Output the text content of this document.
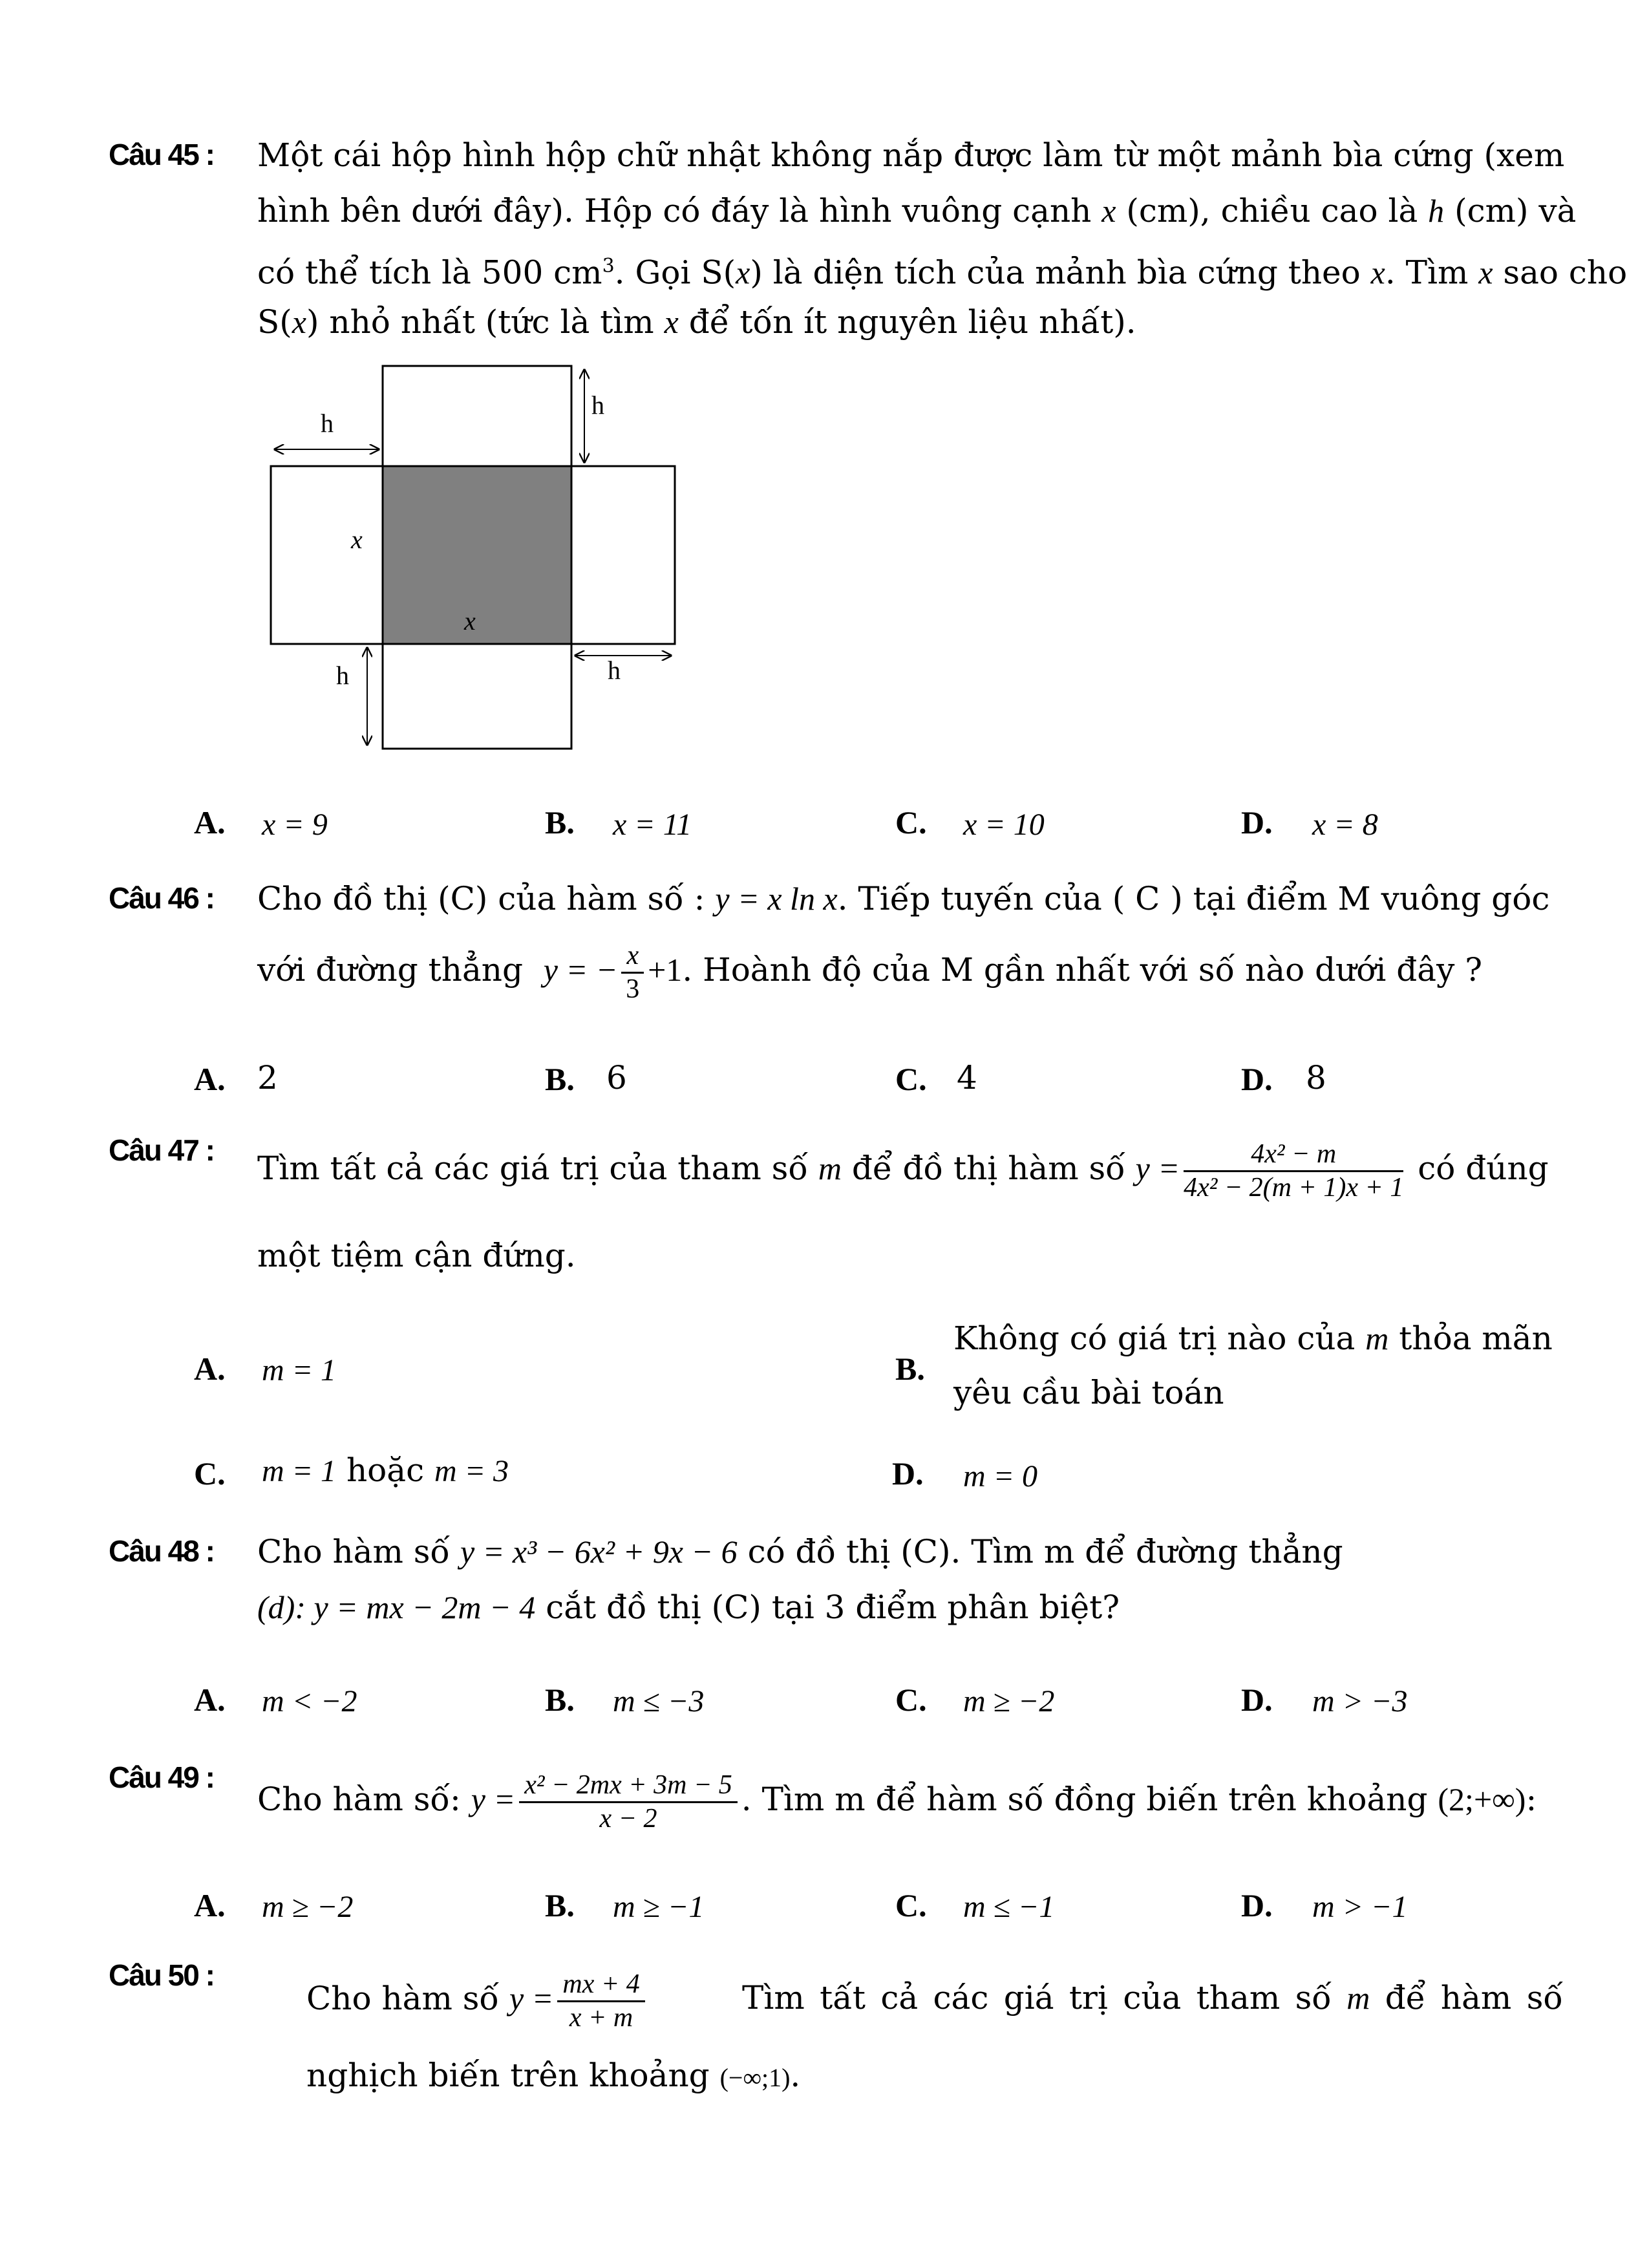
Câu 45 : Một cái hộp hình hộp chữ nhật không nắp được làm từ một mảnh bìa cứng (xem
hình bên dưới đây). Hộp có đáy là hình vuông cạnh x (cm), chiều cao là h (cm) và
có thể tích là 500 $cm^3$. Gọi S(x) là diện tích của mảnh bìa cứng theo x. Tìm x sao cho
S(x) nhỏ nhất (tức là tìm x để tốn ít nguyên liệu nhất).
h
h
h	h
x
x
A. x = 9	B. x = 11	C. x = 10	D. x = 8
Câu 46 : Cho đồ thị (C) của hàm số : y = x ln x. Tiếp tuyến của ( C ) tại điểm M vuông góc
với đường thẳng y = − $\frac{x}{3} +1$. Hoành độ của M gần nhất với số nào dưới đây ?
A. 2	B. 6	C. 4	D. 8
Câu 47 : Tìm tất cả các giá trị của tham số m để đồ thị hàm số $y = \frac{\text{4x² − m}}{\text{4x² − 2(m + 1)x + 1}}$ có đúng
một tiệm cận đứng.
A. m = 1	B.
Không có giá trị nào của m thỏa mãn
yêu cầu bài toán
C. m = 1 hoặc m = 3	D. m = 0
Câu 48 : Cho hàm số y = x³ − 6x² + 9x − 6 có đồ thị (C). Tìm m để đường thẳng
(d): y = mx − 2m − 4 cắt đồ thị (C) tại 3 điểm phân biệt?
A. m < −2	B. m ≤ −3	C. m ≥ −2	D. m > −3
Câu 49 :
Cho hàm số: $y = \frac{\text{x² − 2mx + 3m − 5}}{x - 2}$ . Tìm m để hàm số đồng biến trên khoảng (2;+∞):
A. m ≥ −2	B. m ≥ −1	C. m ≤ −1	D. m > −1
Câu 50 :
Cho hàm số $y = \frac{mx + 4}{x + m}$	Tìm tất cả các giá trị của tham số m để hàm số
nghịch biến trên khoảng (−∞;1).
